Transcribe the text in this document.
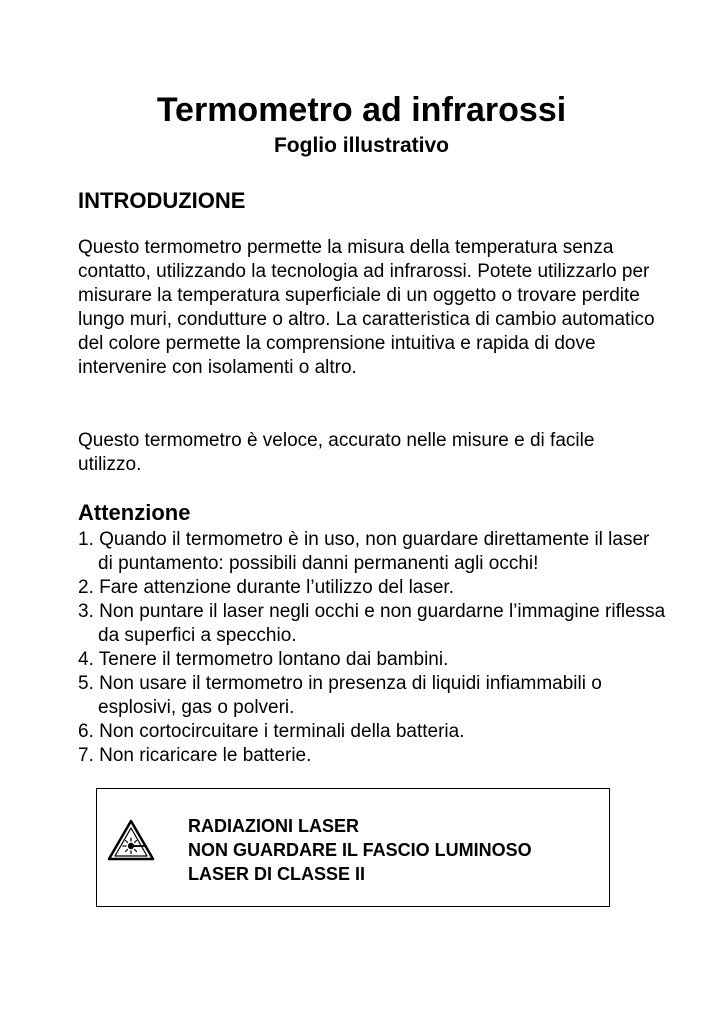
Termometro ad infrarossi
Foglio illustrativo
INTRODUZIONE

Questo termometro permette la misura della temperatura senza contatto, utilizzando la tecnologia ad infrarossi. Potete utilizzarlo per misurare la temperatura superficiale di un oggetto o trovare perdite lungo muri, condutture o altro. La caratteristica di cambio automatico del colore permette la comprensione intuitiva e rapida di dove intervenire con isolamenti o altro.

Questo termometro è veloce, accurato nelle misure e di facile utilizzo.

Attenzione
1. Quando il termometro è in uso, non guardare direttamente il laser di puntamento: possibili danni permanenti agli occhi!
2. Fare attenzione durante l’utilizzo del laser.
3. Non puntare il laser negli occhi e non guardarne l’immagine riflessa da superfici a specchio.
4. Tenere il termometro lontano dai bambini.
5. Non usare il termometro in presenza di liquidi infiammabili o esplosivi, gas o polveri.
6. Non cortocircuitare i terminali della batteria.
7. Non ricaricare le batterie.
RADIAZIONI LASER
NON GUARDARE IL FASCIO LUMINOSO
LASER DI CLASSE II
